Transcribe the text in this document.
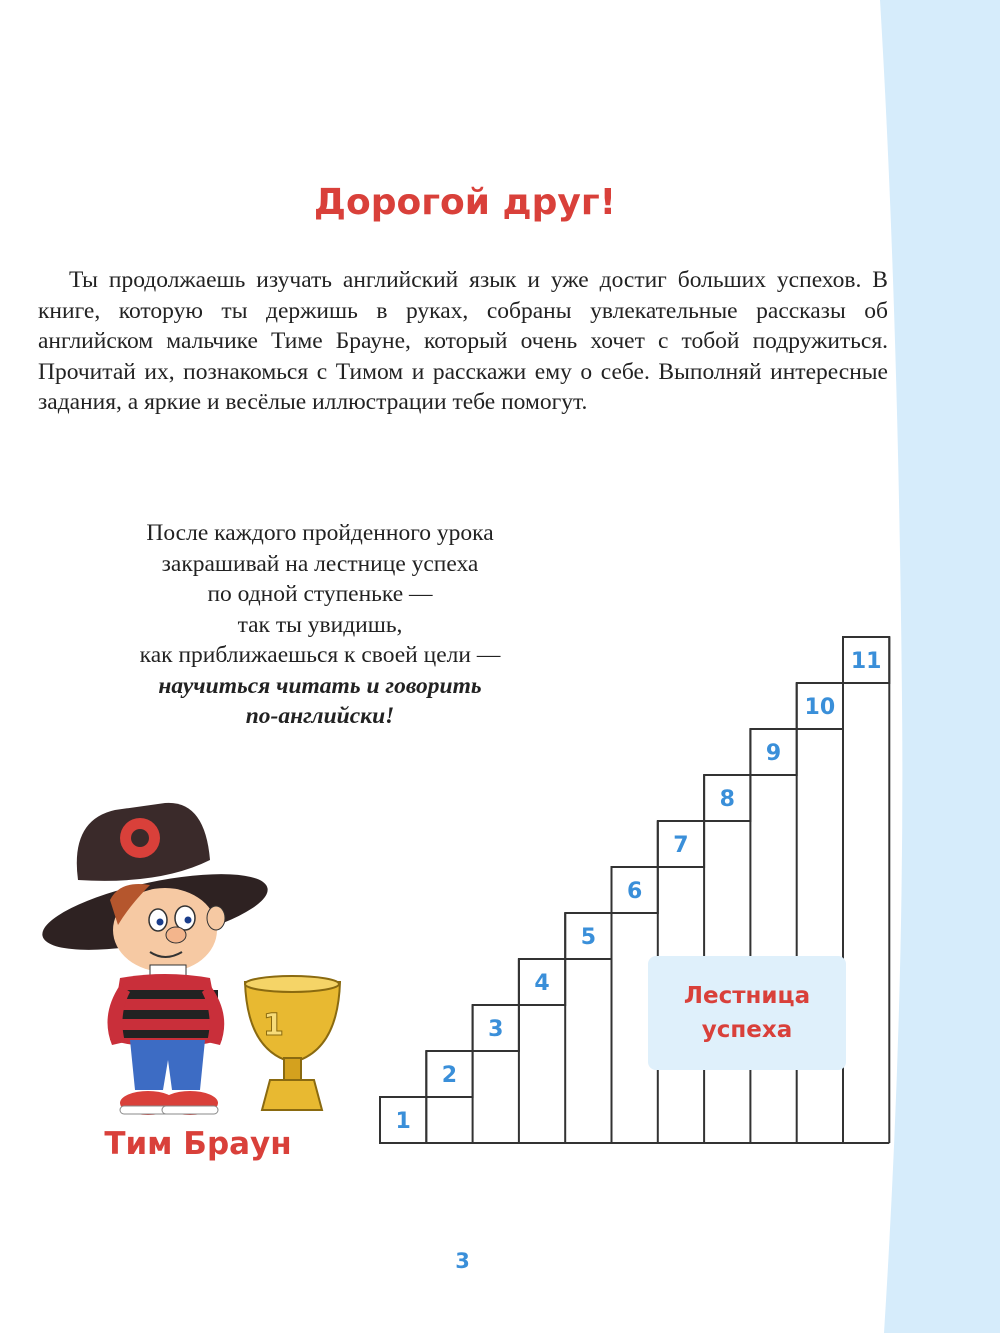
Дорогой друг!

Ты продолжаешь изучать английский язык и уже достиг больших успехов. В книге, которую ты держишь в руках, собраны увлекательные рассказы об английском мальчике Тиме Брауне, который очень хочет с тобой подружиться. Прочитай их, познакомься с Тимом и расскажи ему о себе. Выполняй интересные задания, а яркие и весёлые иллюстрации тебе помогут.

После каждого пройденного урока
закрашивай на лестнице успеха
по одной ступеньке —
так ты увидишь,
как приближаешься к своей цели —
научиться читать и говорить
по-английски!
1
2
3
4
5
6
7
8
9
10
11
Лестница
успеха
1
Тим Браун
3
